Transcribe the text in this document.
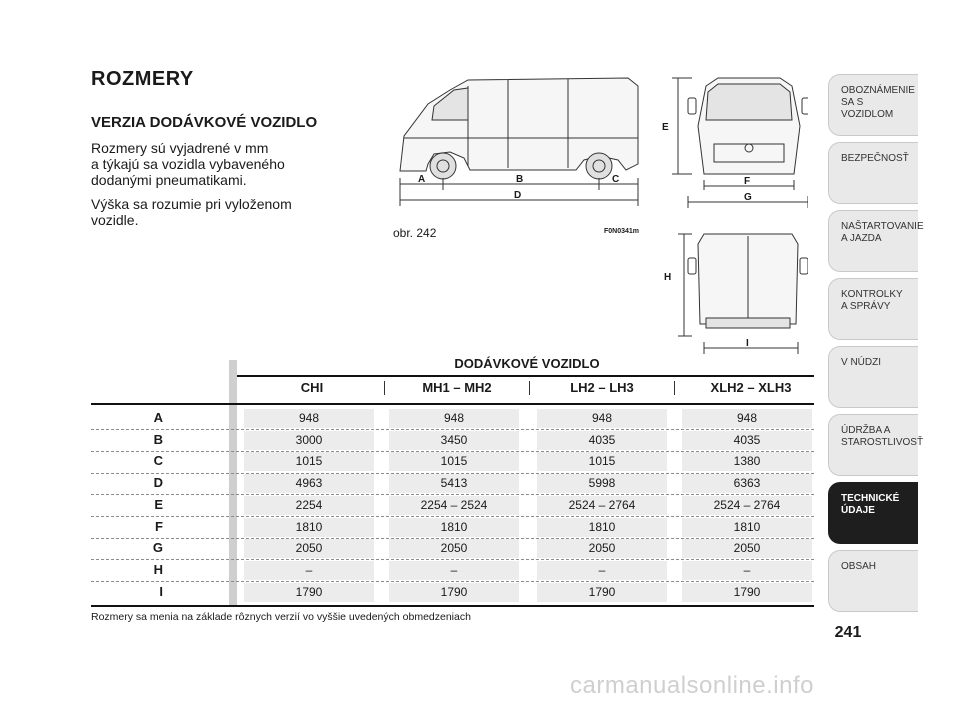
ROZMERY
VERZIA DODÁVKOVÉ VOZIDLO
Rozmery sú vyjadrené v mm
a týkajú sa vozidla vybaveného
dodanými pneumatikami.
Výška sa rozumie pri vyloženom
vozidle.
A	B	C
D
E
F
G
H
I
obr. 242	F0N0341m
OBOZNÁMENIE
SA S VOZIDLOM
BEZPEČNOSŤ
NAŠTARTOVANIE
A JAZDA
KONTROLKY
A SPRÁVY
V NÚDZI
ÚDRŽBA A
STAROSTLIVOSŤ
TECHNICKÉ
ÚDAJE
OBSAH
DODÁVKOVÉ VOZIDLO
CHI	MH1 – MH2	LH2 – LH3	XLH2 – XLH3
A	948	948	948	948
B	3000	3450	4035	4035
C	1015	1015	1015	1380
D	4963	5413	5998	6363
E	2254	2254 – 2524	2524 – 2764	2524 – 2764
F	1810	1810	1810	1810
G	2050	2050	2050	2050
H	–	–	–	–
I	1790	1790	1790	1790
Rozmery sa menia na základe rôznych verzií vo vyššie uvedených obmedzeniach
241
carmanualsonline.info
